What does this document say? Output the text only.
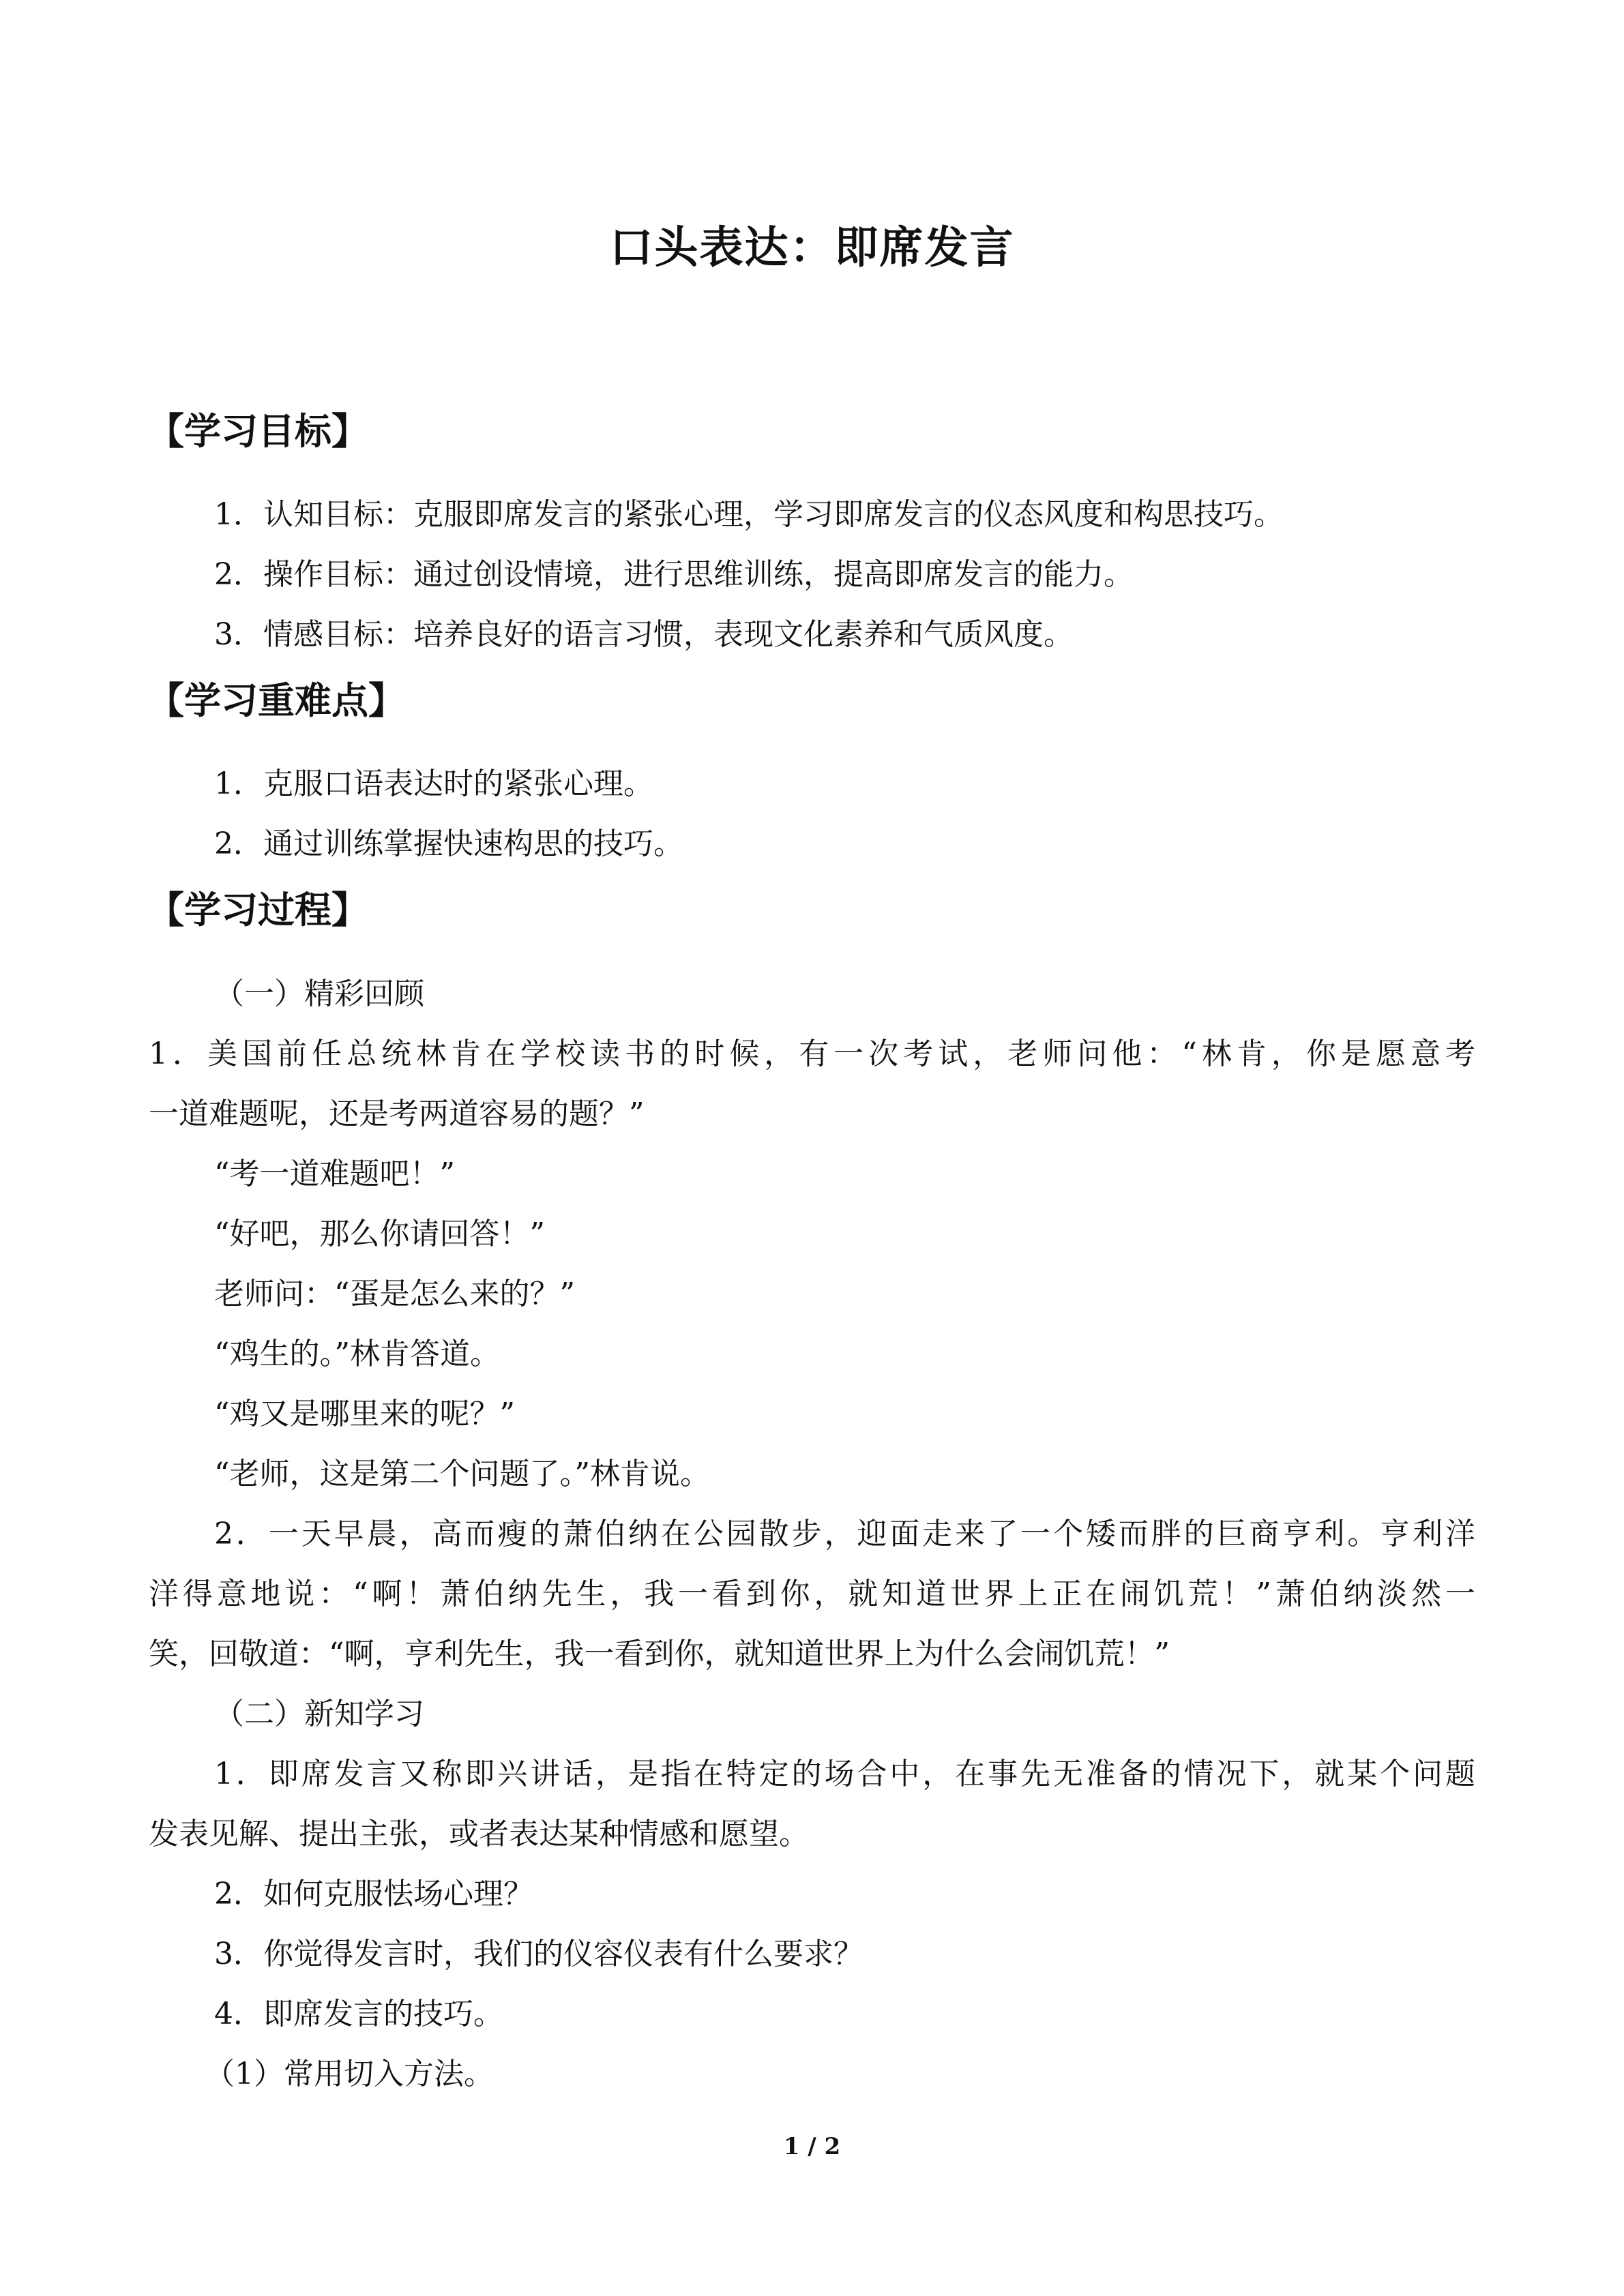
口头表达：即席发言
【学习目标】
1．认知目标：克服即席发言的紧张心理，学习即席发言的仪态风度和构思技巧。
2．操作目标：通过创设情境，进行思维训练，提高即席发言的能力。
3．情感目标：培养良好的语言习惯，表现文化素养和气质风度。
【学习重难点】
1．克服口语表达时的紧张心理。
2．通过训练掌握快速构思的技巧。
【学习过程】
（一）精彩回顾
1．美国前任总统林肯在学校读书的时候，有一次考试，老师问他：“林肯，你是愿意考
一道难题呢，还是考两道容易的题？”
“考一道难题吧！”
“好吧，那么你请回答！”
老师问：“蛋是怎么来的？”
“鸡生的。”林肯答道。
“鸡又是哪里来的呢？”
“老师，这是第二个问题了。”林肯说。
2．一天早晨，高而瘦的萧伯纳在公园散步，迎面走来了一个矮而胖的巨商亨利。亨利洋
洋得意地说：“啊！萧伯纳先生，我一看到你，就知道世界上正在闹饥荒！”萧伯纳淡然一
笑，回敬道：“啊，亨利先生，我一看到你，就知道世界上为什么会闹饥荒！”
（二）新知学习
1．即席发言又称即兴讲话，是指在特定的场合中，在事先无准备的情况下，就某个问题
发表见解、提出主张，或者表达某种情感和愿望。
2．如何克服怯场心理？
3．你觉得发言时，我们的仪容仪表有什么要求？
4．即席发言的技巧。
（1）常用切入方法。
1 / 2
